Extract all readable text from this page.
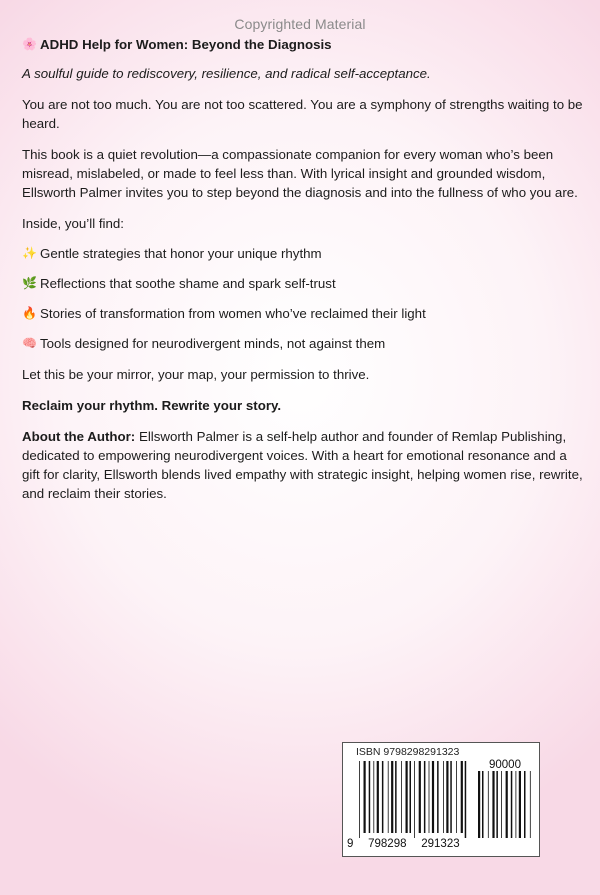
Copyrighted Material

🌸 ADHD Help for Women: Beyond the Diagnosis

A soulful guide to rediscovery, resilience, and radical self-acceptance.

You are not too much. You are not too scattered. You are a symphony of strengths waiting to be heard.

This book is a quiet revolution—a compassionate companion for every woman who’s been misread, mislabeled, or made to feel less than. With lyrical insight and grounded wisdom, Ellsworth Palmer invites you to step beyond the diagnosis and into the fullness of who you are.

Inside, you’ll find:

✨ Gentle strategies that honor your unique rhythm

🌿 Reflections that soothe shame and spark self-trust

🔥 Stories of transformation from women who’ve reclaimed their light

🧠 Tools designed for neurodivergent minds, not against them

Let this be your mirror, your map, your permission to thrive.

Reclaim your rhythm. Rewrite your story.

About the Author: Ellsworth Palmer is a self-help author and founder of Remlap Publishing, dedicated to empowering neurodivergent voices. With a heart for emotional resonance and a gift for clarity, Ellsworth blends lived empathy with strategic insight, helping women rise, rewrite, and reclaim their stories.

ISBN 9798298291323
90000
9	798298	291323
